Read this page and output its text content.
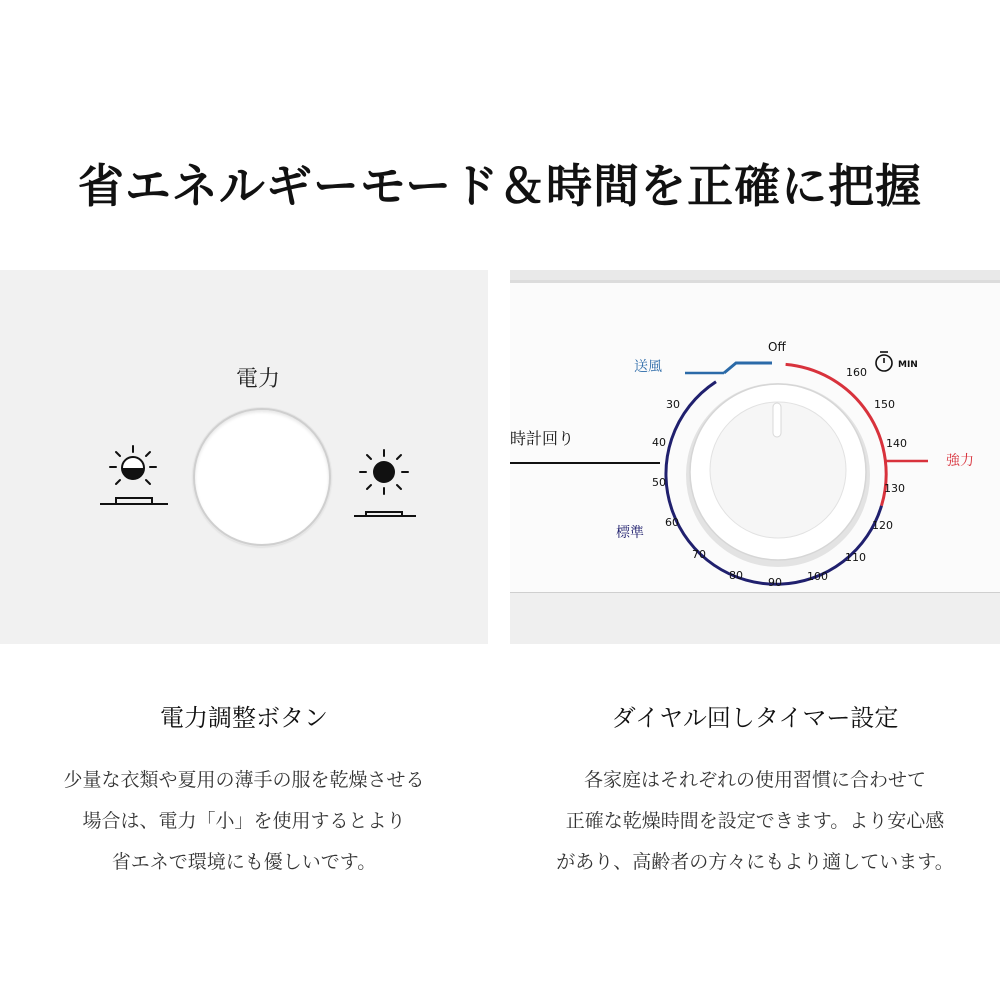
省エネルギーモード＆時間を正確に把握
電力
時計回り
Off
送風
強力
標準
MIN
30
40
50
60
70
80
90 100
110
120
130
140
150
160
電力調整ボタン	ダイヤル回しタイマー設定
少量な衣類や夏用の薄手の服を乾燥させる
場合は、電力「小」を使用するとより
省エネで環境にも優しいです。
各家庭はそれぞれの使用習慣に合わせて
正確な乾燥時間を設定できます。より安心感
があり、高齢者の方々にもより適しています。
